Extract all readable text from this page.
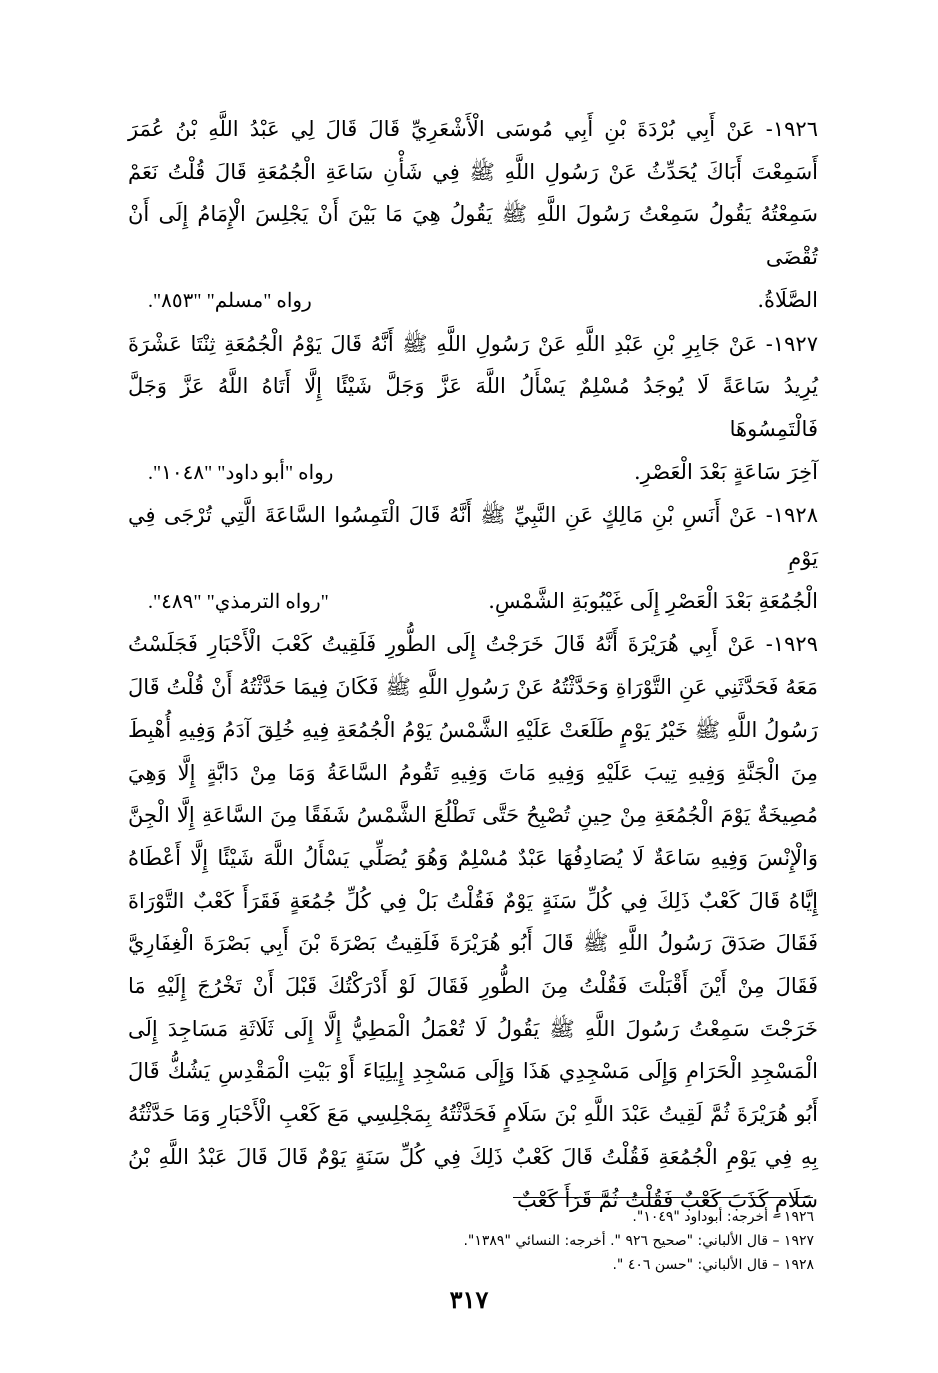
١٩٢٦- عَنْ أَبِي بُرْدَةَ بْنِ أَبِي مُوسَى الْأَشْعَرِيِّ قَالَ قَالَ لِي عَبْدُ اللَّهِ بْنُ عُمَرَ أَسَمِعْتَ أَبَاكَ يُحَدِّثُ عَنْ رَسُولِ اللَّهِ ﷺ فِي شَأْنِ سَاعَةِ الْجُمُعَةِ قَالَ قُلْتُ نَعَمْ سَمِعْتُهُ يَقُولُ سَمِعْتُ رَسُولَ اللَّهِ ﷺ يَقُولُ هِيَ مَا بَيْنَ أَنْ يَجْلِسَ الْإِمَامُ إِلَى أَنْ تُقْضَى

الصَّلَاةُ.
رواه "مسلم" "٨٥٣".

١٩٢٧- عَنْ جَابِرِ بْنِ عَبْدِ اللَّهِ عَنْ رَسُولِ اللَّهِ ﷺ أَنَّهُ قَالَ يَوْمُ الْجُمُعَةِ ثِنْتَا عَشْرَةَ يُرِيدُ سَاعَةً لَا يُوجَدُ مُسْلِمٌ يَسْأَلُ اللَّهَ عَزَّ وَجَلَّ شَيْئًا إِلَّا أَتَاهُ اللَّهُ عَزَّ وَجَلَّ فَالْتَمِسُوهَا

آخِرَ سَاعَةٍ بَعْدَ الْعَصْرِ.
رواه "أبو داود" "١٠٤٨".

١٩٢٨- عَنْ أَنَسِ بْنِ مَالِكٍ عَنِ النَّبِيِّ ﷺ أَنَّهُ قَالَ الْتَمِسُوا السَّاعَةَ الَّتِي تُرْجَى فِي يَوْمِ

الْجُمُعَةِ بَعْدَ الْعَصْرِ إِلَى غَيْبُوبَةِ الشَّمْسِ.
"رواه الترمذي" "٤٨٩".

١٩٢٩- عَنْ أَبِي هُرَيْرَةَ أَنَّهُ قَالَ خَرَجْتُ إِلَى الطُّورِ فَلَقِيتُ كَعْبَ الْأَحْبَارِ فَجَلَسْتُ مَعَهُ فَحَدَّثَنِي عَنِ التَّوْرَاةِ وَحَدَّثْتُهُ عَنْ رَسُولِ اللَّهِ ﷺ فَكَانَ فِيمَا حَدَّثْتُهُ أَنْ قُلْتُ قَالَ رَسُولُ اللَّهِ ﷺ خَيْرُ يَوْمٍ طَلَعَتْ عَلَيْهِ الشَّمْسُ يَوْمُ الْجُمُعَةِ فِيهِ خُلِقَ آدَمُ وَفِيهِ أُهْبِطَ مِنَ الْجَنَّةِ وَفِيهِ تِيبَ عَلَيْهِ وَفِيهِ مَاتَ وَفِيهِ تَقُومُ السَّاعَةُ وَمَا مِنْ دَابَّةٍ إِلَّا وَهِيَ مُصِيخَةٌ يَوْمَ الْجُمُعَةِ مِنْ حِينِ تُصْبِحُ حَتَّى تَطْلُعَ الشَّمْسُ شَفَقًا مِنَ السَّاعَةِ إِلَّا الْجِنَّ وَالْإِنْسَ وَفِيهِ سَاعَةٌ لَا يُصَادِفُهَا عَبْدٌ مُسْلِمٌ وَهُوَ يُصَلِّي يَسْأَلُ اللَّهَ شَيْئًا إِلَّا أَعْطَاهُ إِيَّاهُ قَالَ كَعْبٌ ذَلِكَ فِي كُلِّ سَنَةٍ يَوْمٌ فَقُلْتُ بَلْ فِي كُلِّ جُمُعَةٍ فَقَرَأَ كَعْبٌ التَّوْرَاةَ فَقَالَ صَدَقَ رَسُولُ اللَّهِ ﷺ قَالَ أَبُو هُرَيْرَةَ فَلَقِيتُ بَصْرَةَ بْنَ أَبِي بَصْرَةَ الْغِفَارِيَّ فَقَالَ مِنْ أَيْنَ أَقْبَلْتَ فَقُلْتُ مِنَ الطُّورِ فَقَالَ لَوْ أَدْرَكْتُكَ قَبْلَ أَنْ تَخْرُجَ إِلَيْهِ مَا خَرَجْتَ سَمِعْتُ رَسُولَ اللَّهِ ﷺ يَقُولُ لَا تُعْمَلُ الْمَطِيُّ إِلَّا إِلَى ثَلَاثَةِ مَسَاجِدَ إِلَى الْمَسْجِدِ الْحَرَامِ وَإِلَى مَسْجِدِي هَذَا وَإِلَى مَسْجِدِ إِيلِيَاءَ أَوْ بَيْتِ الْمَقْدِسِ يَشُكُّ قَالَ أَبُو هُرَيْرَةَ ثُمَّ لَقِيتُ عَبْدَ اللَّهِ بْنَ سَلَامٍ فَحَدَّثْتُهُ بِمَجْلِسِي مَعَ كَعْبِ الْأَحْبَارِ وَمَا حَدَّثْتُهُ بِهِ فِي يَوْمِ الْجُمُعَةِ فَقُلْتُ قَالَ كَعْبٌ ذَلِكَ فِي كُلِّ سَنَةٍ يَوْمٌ قَالَ قَالَ عَبْدُ اللَّهِ بْنُ سَلَامٍ كَذَبَ كَعْبٌ فَقُلْتُ ثُمَّ قَرَأَ كَعْبٌ

١٩٢٦ – أخرجه: أبوداود "١٠٤٩".
١٩٢٧ – قال الألباني: "صحيح ٩٢٦ ". أخرجه: النسائي "١٣٨٩".
١٩٢٨ – قال الألباني: "حسن ٤٠٦ ".
٣١٧
